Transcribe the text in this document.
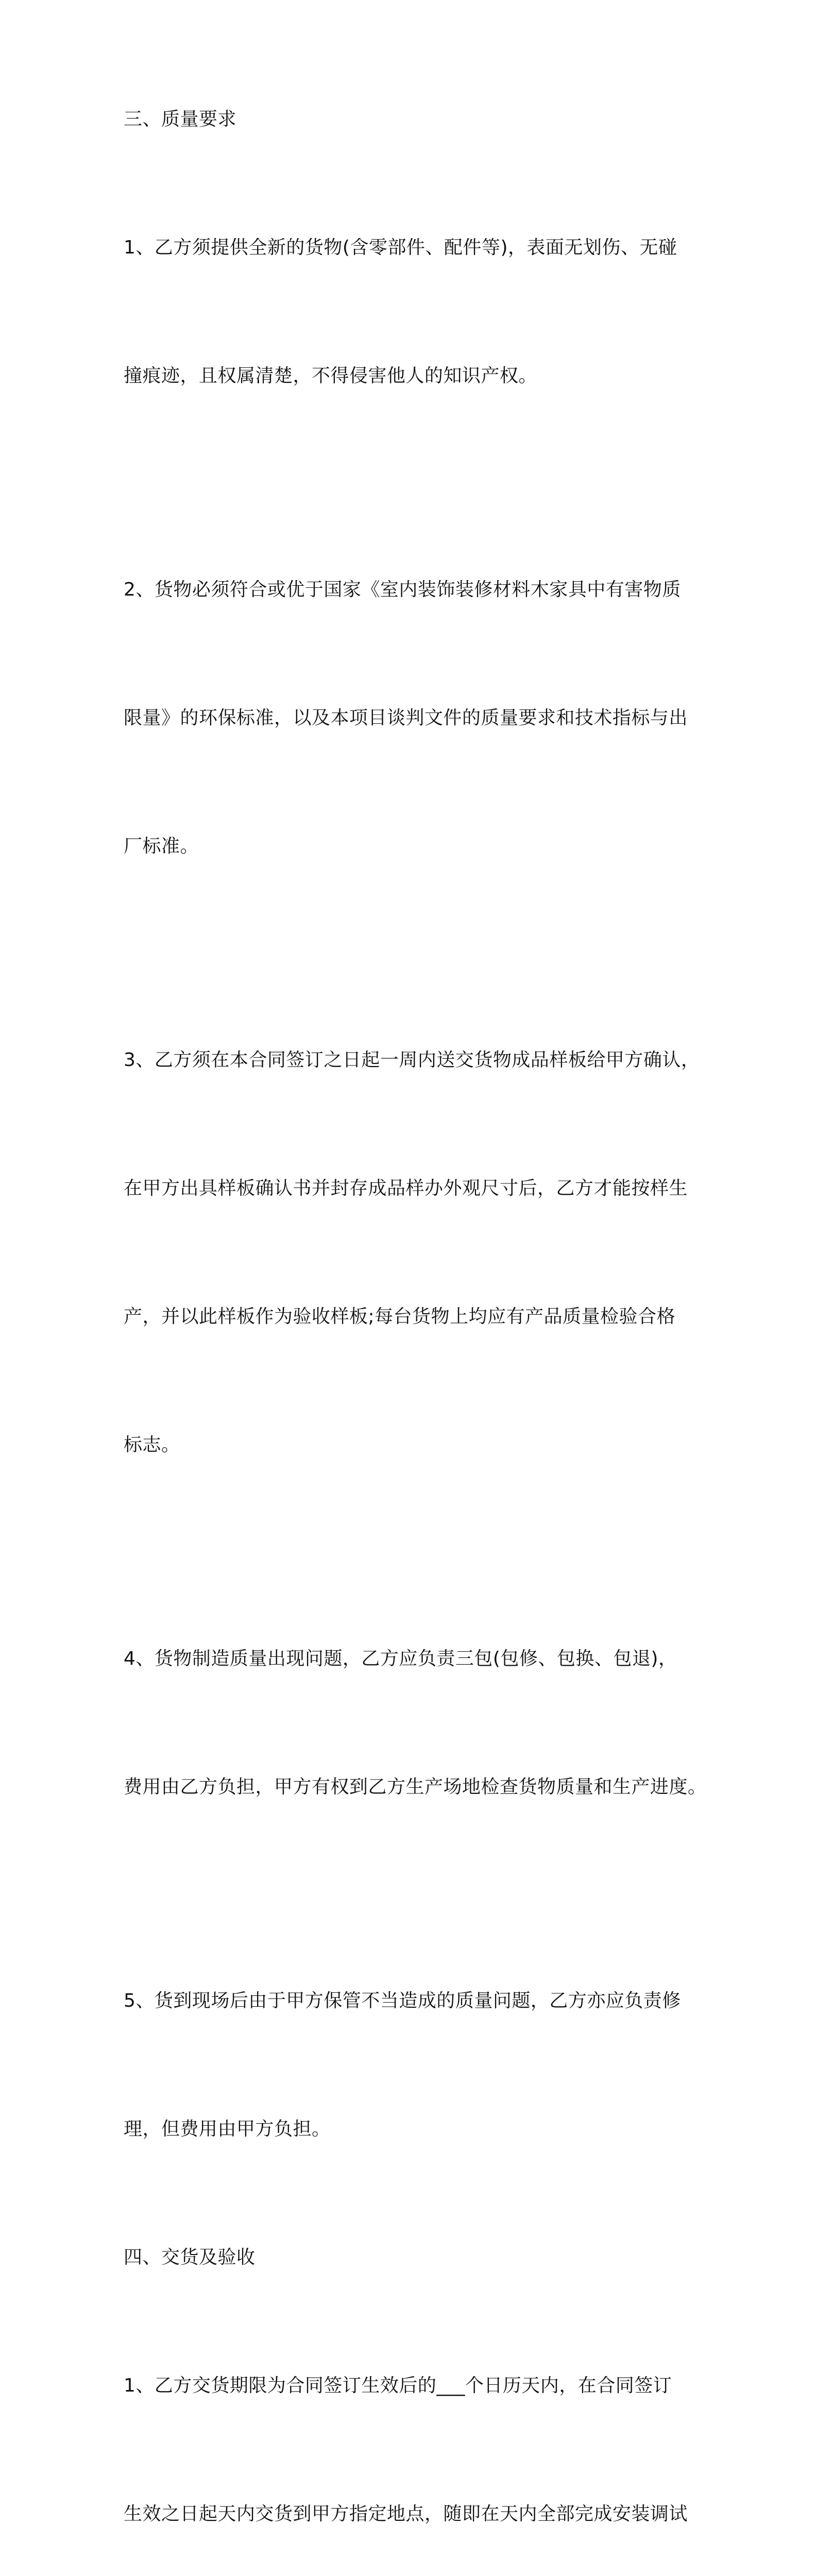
三、质量要求

1、乙方须提供全新的货物(含零部件、配件等)，表面无划伤、无碰

撞痕迹，且权属清楚，不得侵害他人的知识产权。

2、货物必须符合或优于国家《室内装饰装修材料木家具中有害物质

限量》的环保标准，以及本项目谈判文件的质量要求和技术指标与出

厂标准。

3、乙方须在本合同签订之日起一周内送交货物成品样板给甲方确认，

在甲方出具样板确认书并封存成品样办外观尺寸后，乙方才能按样生

产，并以此样板作为验收样板;每台货物上均应有产品质量检验合格

标志。

4、货物制造质量出现问题，乙方应负责三包(包修、包换、包退)，

费用由乙方负担，甲方有权到乙方生产场地检查货物质量和生产进度。

5、货到现场后由于甲方保管不当造成的质量问题，乙方亦应负责修

理，但费用由甲方负担。

四、交货及验收

1、乙方交货期限为合同签订生效后的___个日历天内，在合同签订

生效之日起天内交货到甲方指定地点，随即在天内全部完成安装调试
